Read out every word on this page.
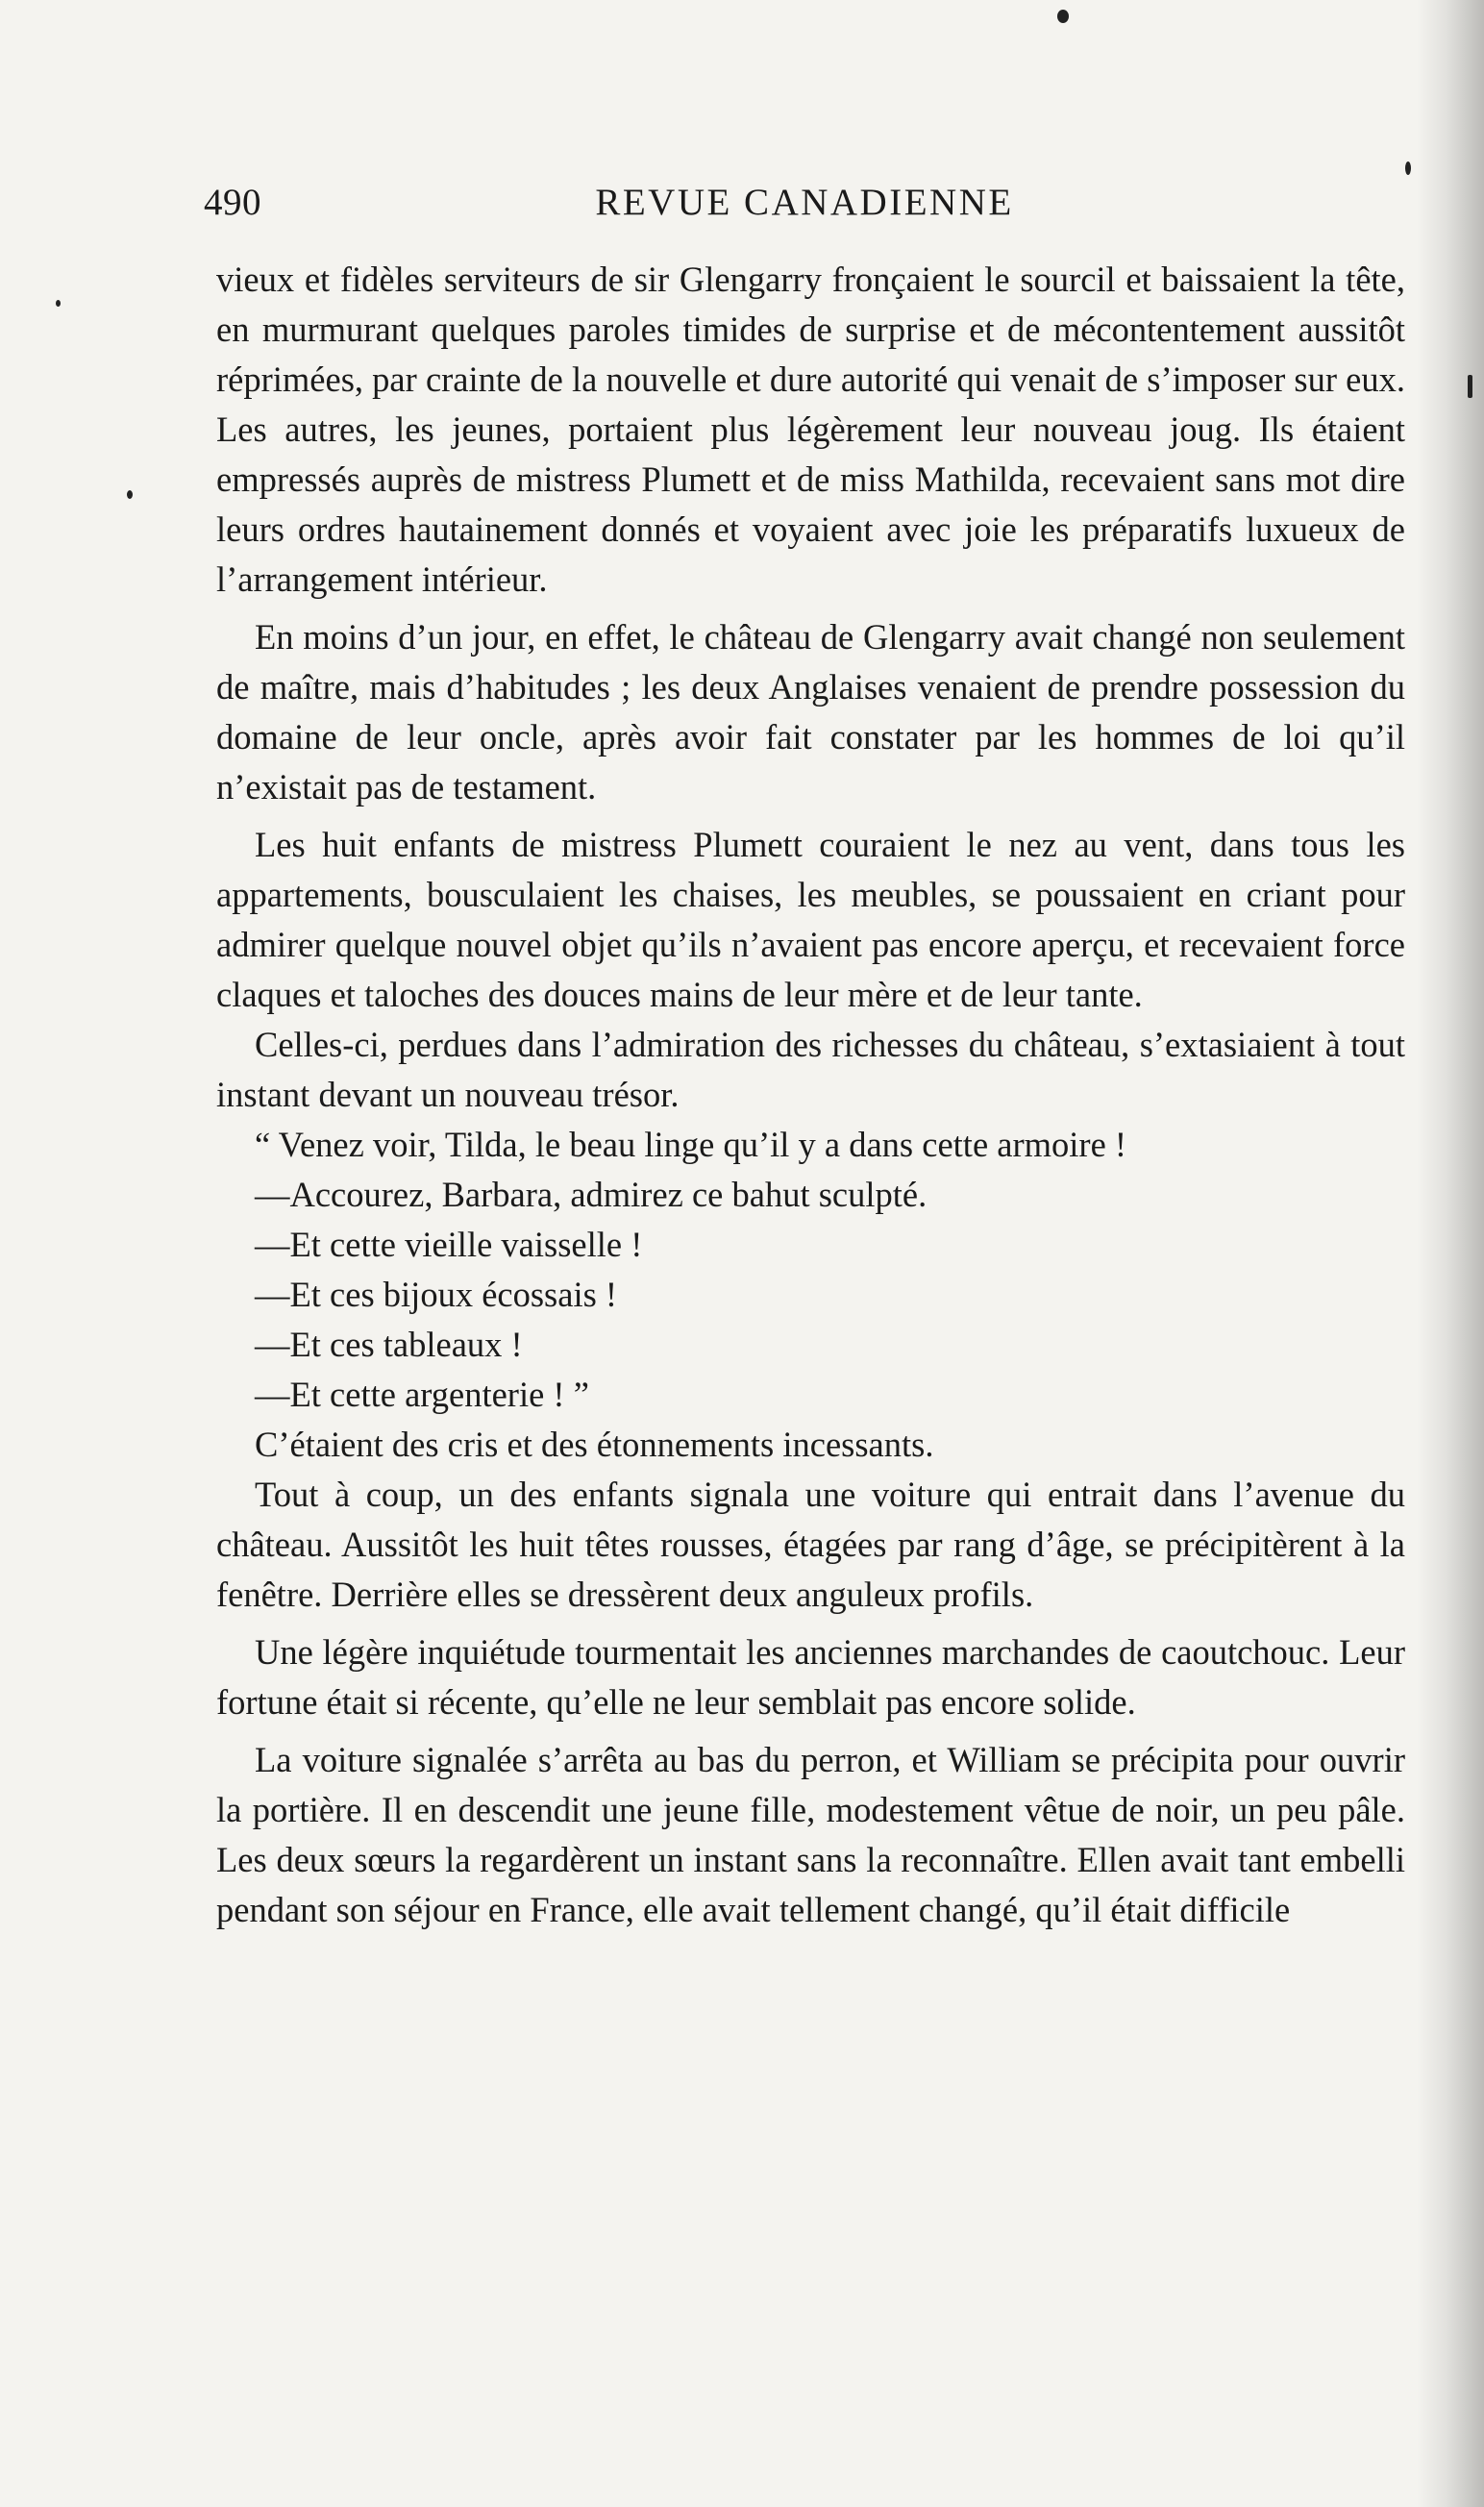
490	REVUE CANADIENNE

vieux et fidèles serviteurs de sir Glengarry fronçaient le sourcil et baissaient la tête, en murmurant quelques paroles timides de surprise et de mécontentement aussitôt réprimées, par crainte de la nouvelle et dure autorité qui venait de s’imposer sur eux. Les autres, les jeunes, portaient plus légèrement leur nouveau joug. Ils étaient empressés auprès de mistress Plumett et de miss Mathilda, recevaient sans mot dire leurs ordres hautainement donnés et voyaient avec joie les préparatifs luxueux de l’arrangement intérieur.

En moins d’un jour, en effet, le château de Glengarry avait changé non seulement de maître, mais d’habitudes ; les deux Anglaises venaient de prendre possession du domaine de leur oncle, après avoir fait constater par les hommes de loi qu’il n’existait pas de testament.

Les huit enfants de mistress Plumett couraient le nez au vent, dans tous les appartements, bousculaient les chaises, les meubles, se poussaient en criant pour admirer quelque nouvel objet qu’ils n’avaient pas encore aperçu, et recevaient force claques et taloches des douces mains de leur mère et de leur tante.

Celles-ci, perdues dans l’admiration des richesses du château, s’extasiaient à tout instant devant un nouveau trésor.

“ Venez voir, Tilda, le beau linge qu’il y a dans cette armoire !

—Accourez, Barbara, admirez ce bahut sculpté.

—Et cette vieille vaisselle !

—Et ces bijoux écossais !

—Et ces tableaux !

—Et cette argenterie ! ”

C’étaient des cris et des étonnements incessants.

Tout à coup, un des enfants signala une voiture qui entrait dans l’avenue du château. Aussitôt les huit têtes rousses, étagées par rang d’âge, se précipitèrent à la fenêtre. Derrière elles se dressèrent deux anguleux profils.

Une légère inquiétude tourmentait les anciennes marchandes de caoutchouc. Leur fortune était si récente, qu’elle ne leur semblait pas encore solide.

La voiture signalée s’arrêta au bas du perron, et William se précipita pour ouvrir la portière. Il en descendit une jeune fille, modestement vêtue de noir, un peu pâle. Les deux sœurs la regardèrent un instant sans la reconnaître. Ellen avait tant embelli pendant son séjour en France, elle avait tellement changé, qu’il était difficile
